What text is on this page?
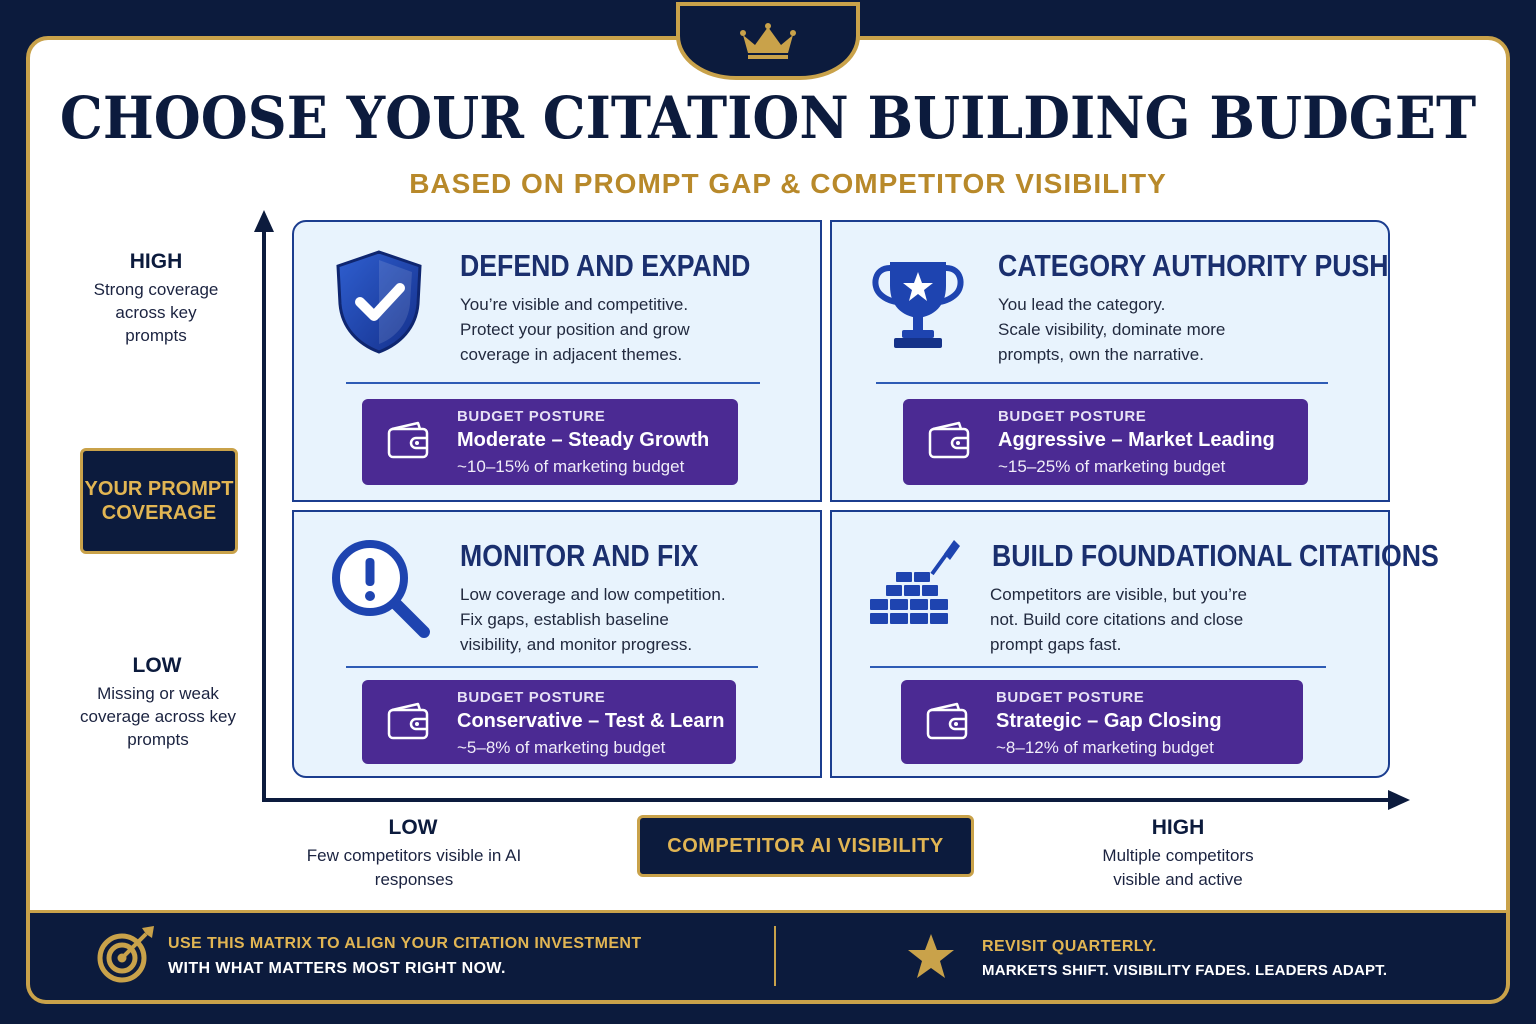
CHOOSE YOUR CITATION BUILDING BUDGET
BASED ON PROMPT GAP & COMPETITOR VISIBILITY
HIGH
Strong coverage across key prompts
YOUR PROMPT COVERAGE
LOW
Missing or weak coverage across key prompts
LOW
Few competitors visible in AI responses
COMPETITOR AI VISIBILITY
HIGH
Multiple competitors visible and active
DEFEND AND EXPAND
You’re visible and competitive.
Protect your position and grow
coverage in adjacent themes.
BUDGET POSTURE
Moderate – Steady Growth
~10–15% of marketing budget
CATEGORY AUTHORITY PUSH
You lead the category.
Scale visibility, dominate more
prompts, own the narrative.
BUDGET POSTURE
Aggressive – Market Leading
~15–25% of marketing budget
MONITOR AND FIX
Low coverage and low competition.
Fix gaps, establish baseline
visibility, and monitor progress.
BUDGET POSTURE
Conservative – Test & Learn
~5–8% of marketing budget
BUILD FOUNDATIONAL CITATIONS
Competitors are visible, but you’re
not. Build core citations and close
prompt gaps fast.
BUDGET POSTURE
Strategic – Gap Closing
~8–12% of marketing budget
USE THIS MATRIX TO ALIGN YOUR CITATION INVESTMENT
WITH WHAT MATTERS MOST RIGHT NOW.
REVISIT QUARTERLY.
MARKETS SHIFT. VISIBILITY FADES. LEADERS ADAPT.
